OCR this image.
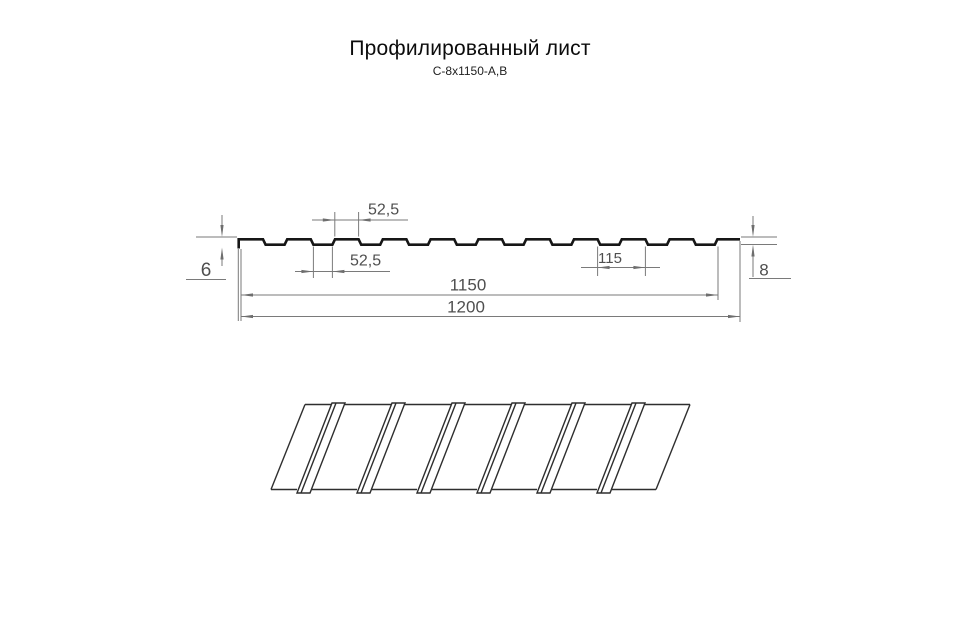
Профилированный лист
С-8х1150-А,В
52,5
52,5	115
1150
1200
6	8
